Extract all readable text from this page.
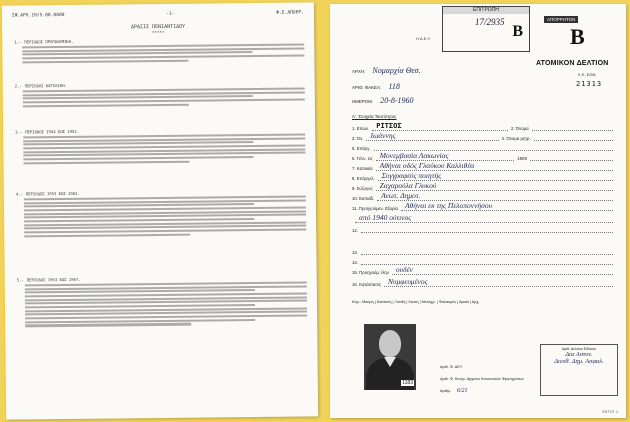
ΣΦ.ΑΡΧ.10/5.00.0000	-1-	Φ.Ε.ΑΠΟΡΡ.
ΔΡΑΣΙΣ ΠΕΝΙΑΝΤΙΔΟΥ
*****
1.- ΠΕΡΙΟΔΟΣ ΠΡΟΠΟΛΕΜΙΚΗ.
2.- ΠΕΡΙΟΔΟΣ ΚΑΤΟΧΙΚΗ.
3.- ΠΕΡΙΟΔΟΣ 1944 ΕΩΣ 1952.
4.- ΠΕΡΙΟΔΟΣ 1953 ΕΩΣ 1962.
5.- ΠΕΡΙΟΔΟΣ 1963 ΕΩΣ 1967.
ΕΠΙΤΡΟΠΗ
17/2935
B
Η.Α.Ε.Υ.
ΑΠΟΡΡΗΤΟΝ
B
ΑΤΟΜΙΚΟΝ ΔΕΛΤΙΟΝ
Κ.Ε. ΕΘΝ.
21313
ΑΡΧΗ: Νομαρχία Θεσ.
ΑΡΙΘ. ΦΑΚΕΛ. 118
ΗΜΕΡΟΜ. 20-8-1960
Α'. Στοιχεία Ταυτότητος
1. Επών. ΡΙΤΣΟΣ	2. Όνομα
3. Όν. Ιωάννης	4. Όνομα μητρ.
5. Επάγγ.
6. Γένν. εις Μονεμβασία Λακωνίας	1909
7. Κατοικία Αθήναι οδός Γλαύκου Καλλιθέα
8. Επάγγελ. Συγγραφεύς ποιητής
9. Σύζυγος Ζαχαρούλα Γλυκού
10. Εκπαίδ. Ανωτ. Δημοτ.
11. Προηγούμεν. Εξορία Αθήναι εκ της Πελοποννήσου
από 1940 ούτινος
12.
13.
14.
15. Προηγούμ. ίλην ουδέν
16. Κατάστασις Νυμφευμένος
Κόμ.: Μαύρη | Καστανή | Ξανθή | Λευκή | Μελαχρ. | Φαλακρός | Αραιά | Αρχ.
1183
Αριθ. Δελτίου Ειδικών
Δια Αστυν.
Διευθ. Δημ. Ασφαλ.
Αριθ. Φ. ΔΕΥ.
Αριθ. Φ. Κεντρ. Αρχείου Κοινωνικών Φρονημάτων
Αριθμ. 6/21
ΕΝΤΥΠ. 1
